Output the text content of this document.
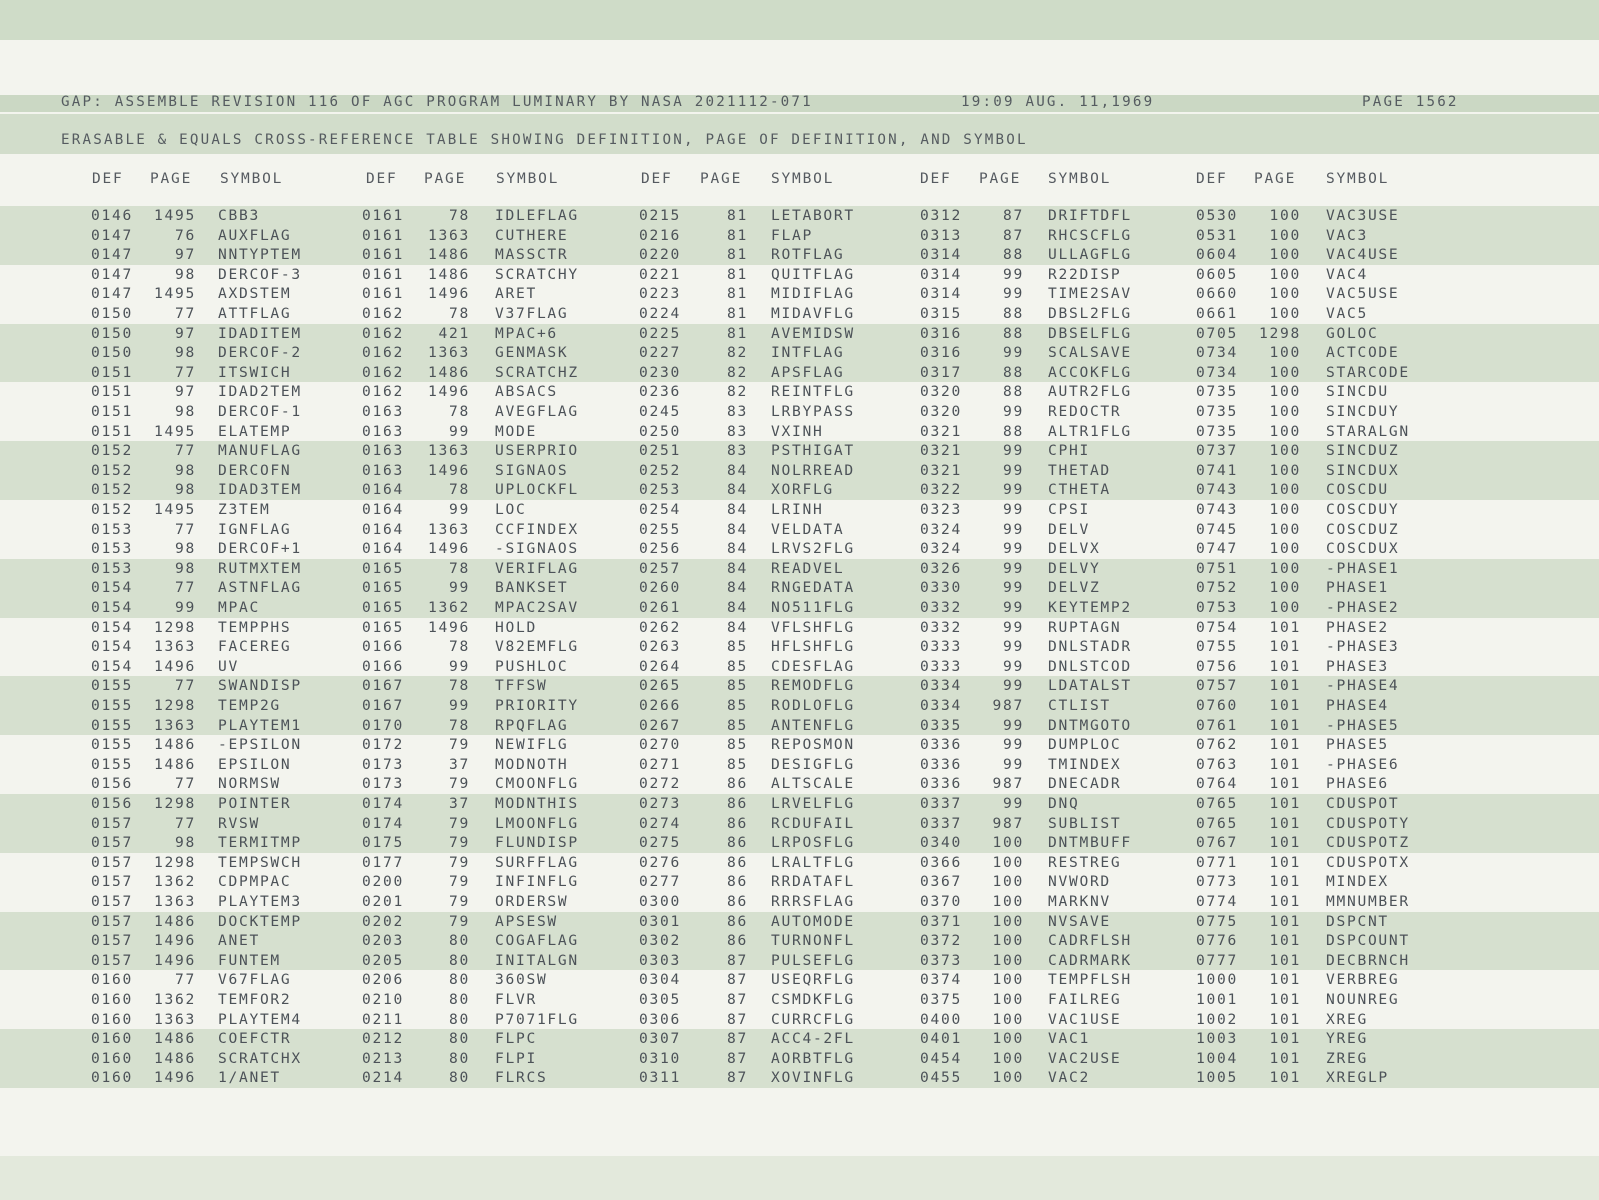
GAP: ASSEMBLE REVISION 116 OF AGC PROGRAM LUMINARY BY NASA 2021112-071	19:09 AUG. 11,1969	PAGE 1562
ERASABLE & EQUALS CROSS-REFERENCE TABLE SHOWING DEFINITION, PAGE OF DEFINITION, AND SYMBOL
DEF PAGE SYMBOL	DEF PAGE SYMBOL	DEF PAGE SYMBOL	DEF PAGE SYMBOL	DEF PAGE SYMBOL
0146	1495 CBB3	0161	78 IDLEFLAG	0215	81 LETABORT	0312	87 DRIFTDFL	0530	100 VAC3USE
0147	76 AUXFLAG	0161	1363 CUTHERE	0216	81 FLAP	0313	87 RHCSCFLG	0531	100 VAC3
0147	97 NNTYPTEM	0161	1486 MASSCTR	0220	81 ROTFLAG	0314	88 ULLAGFLG	0604	100 VAC4USE
0147	98 DERCOF-3	0161	1486 SCRATCHY	0221	81 QUITFLAG	0314	99 R22DISP	0605	100 VAC4
0147	1495 AXDSTEM	0161	1496 ARET	0223	81 MIDIFLAG	0314	99 TIME2SAV	0660	100 VAC5USE
0150	77 ATTFLAG	0162	78 V37FLAG	0224	81 MIDAVFLG	0315	88 DBSL2FLG	0661	100 VAC5
0150	97 IDADITEM	0162	421 MPAC+6	0225	81 AVEMIDSW	0316	88 DBSELFLG	0705	1298 GOLOC
0150	98 DERCOF-2	0162	1363 GENMASK	0227	82 INTFLAG	0316	99 SCALSAVE	0734	100 ACTCODE
0151	77 ITSWICH	0162	1486 SCRATCHZ	0230	82 APSFLAG	0317	88 ACCOKFLG	0734	100 STARCODE
0151	97 IDAD2TEM	0162	1496 ABSACS	0236	82 REINTFLG	0320	88 AUTR2FLG	0735	100 SINCDU
0151	98 DERCOF-1	0163	78 AVEGFLAG	0245	83 LRBYPASS	0320	99 REDOCTR	0735	100 SINCDUY
0151	1495 ELATEMP	0163	99 MODE	0250	83 VXINH	0321	88 ALTR1FLG	0735	100 STARALGN
0152	77 MANUFLAG	0163	1363 USERPRIO	0251	83 PSTHIGAT	0321	99 CPHI	0737	100 SINCDUZ
0152	98 DERCOFN	0163	1496 SIGNAOS	0252	84 NOLRREAD	0321	99 THETAD	0741	100 SINCDUX
0152	98 IDAD3TEM	0164	78 UPLOCKFL	0253	84 XORFLG	0322	99 CTHETA	0743	100 COSCDU
0152	1495 Z3TEM	0164	99 LOC	0254	84 LRINH	0323	99 CPSI	0743	100 COSCDUY
0153	77 IGNFLAG	0164	1363 CCFINDEX	0255	84 VELDATA	0324	99 DELV	0745	100 COSCDUZ
0153	98 DERCOF+1	0164	1496 -SIGNAOS	0256	84 LRVS2FLG	0324	99 DELVX	0747	100 COSCDUX
0153	98 RUTMXTEM	0165	78 VERIFLAG	0257	84 READVEL	0326	99 DELVY	0751	100 -PHASE1
0154	77 ASTNFLAG	0165	99 BANKSET	0260	84 RNGEDATA	0330	99 DELVZ	0752	100 PHASE1
0154	99 MPAC	0165	1362 MPAC2SAV	0261	84 NO511FLG	0332	99 KEYTEMP2	0753	100 -PHASE2
0154	1298 TEMPPHS	0165	1496 HOLD	0262	84 VFLSHFLG	0332	99 RUPTAGN	0754	101 PHASE2
0154	1363 FACEREG	0166	78 V82EMFLG	0263	85 HFLSHFLG	0333	99 DNLSTADR	0755	101 -PHASE3
0154	1496 UV	0166	99 PUSHLOC	0264	85 CDESFLAG	0333	99 DNLSTCOD	0756	101 PHASE3
0155	77 SWANDISP	0167	78 TFFSW	0265	85 REMODFLG	0334	99 LDATALST	0757	101 -PHASE4
0155	1298 TEMP2G	0167	99 PRIORITY	0266	85 RODLOFLG	0334	987 CTLIST	0760	101 PHASE4
0155	1363 PLAYTEM1	0170	78 RPQFLAG	0267	85 ANTENFLG	0335	99 DNTMGOTO	0761	101 -PHASE5
0155	1486 -EPSILON	0172	79 NEWIFLG	0270	85 REPOSMON	0336	99 DUMPLOC	0762	101 PHASE5
0155	1486 EPSILON	0173	37 MODNOTH	0271	85 DESIGFLG	0336	99 TMINDEX	0763	101 -PHASE6
0156	77 NORMSW	0173	79 CMOONFLG	0272	86 ALTSCALE	0336	987 DNECADR	0764	101 PHASE6
0156	1298 POINTER	0174	37 MODNTHIS	0273	86 LRVELFLG	0337	99 DNQ	0765	101 CDUSPOT
0157	77 RVSW	0174	79 LMOONFLG	0274	86 RCDUFAIL	0337	987 SUBLIST	0765	101 CDUSPOTY
0157	98 TERMITMP	0175	79 FLUNDISP	0275	86 LRPOSFLG	0340	100 DNTMBUFF	0767	101 CDUSPOTZ
0157	1298 TEMPSWCH	0177	79 SURFFLAG	0276	86 LRALTFLG	0366	100 RESTREG	0771	101 CDUSPOTX
0157	1362 CDPMPAC	0200	79 INFINFLG	0277	86 RRDATAFL	0367	100 NVWORD	0773	101 MINDEX
0157	1363 PLAYTEM3	0201	79 ORDERSW	0300	86 RRRSFLAG	0370	100 MARKNV	0774	101 MMNUMBER
0157	1486 DOCKTEMP	0202	79 APSESW	0301	86 AUTOMODE	0371	100 NVSAVE	0775	101 DSPCNT
0157	1496 ANET	0203	80 COGAFLAG	0302	86 TURNONFL	0372	100 CADRFLSH	0776	101 DSPCOUNT
0157	1496 FUNTEM	0205	80 INITALGN	0303	87 PULSEFLG	0373	100 CADRMARK	0777	101 DECBRNCH
0160	77 V67FLAG	0206	80 360SW	0304	87 USEQRFLG	0374	100 TEMPFLSH	1000	101 VERBREG
0160	1362 TEMFOR2	0210	80 FLVR	0305	87 CSMDKFLG	0375	100 FAILREG	1001	101 NOUNREG
0160	1363 PLAYTEM4	0211	80 P7071FLG	0306	87 CURRCFLG	0400	100 VAC1USE	1002	101 XREG
0160	1486 COEFCTR	0212	80 FLPC	0307	87 ACC4-2FL	0401	100 VAC1	1003	101 YREG
0160	1486 SCRATCHX	0213	80 FLPI	0310	87 AORBTFLG	0454	100 VAC2USE	1004	101 ZREG
0160	1496 1/ANET	0214	80 FLRCS	0311	87 XOVINFLG	0455	100 VAC2	1005	101 XREGLP
